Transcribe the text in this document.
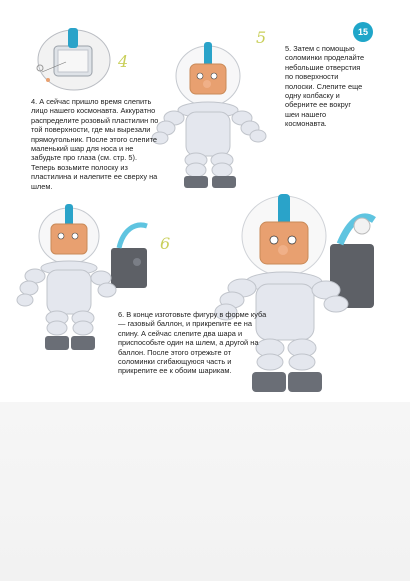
15
4
5

5. Затем с помощью соломинки проделайте небольшие отверстия по поверхности полоски. Слепите еще одну колбаску и оберните ее вокруг шеи нашего космонавта.

4. А сейчас пришло время слепить лицо нашего космонавта. Аккуратно распределите розовый пластилин по той поверхности, где мы вырезали прямоугольник. После этого слепите маленький шар для носа и не забудьте про глаза (см. стр. 5). Теперь возьмите полоску из пластилина и налепите ее сверху на шлем.

6

6. В конце изготовьте фигуру в форме куба — газовый баллон, и прикрепите ее на спину. А сейчас слепите два шара и приспособьте один на шлем, а другой на баллон. После этого отрежьте от соломинки сгибающуюся часть и прикрепите ее к обоим шарикам.
